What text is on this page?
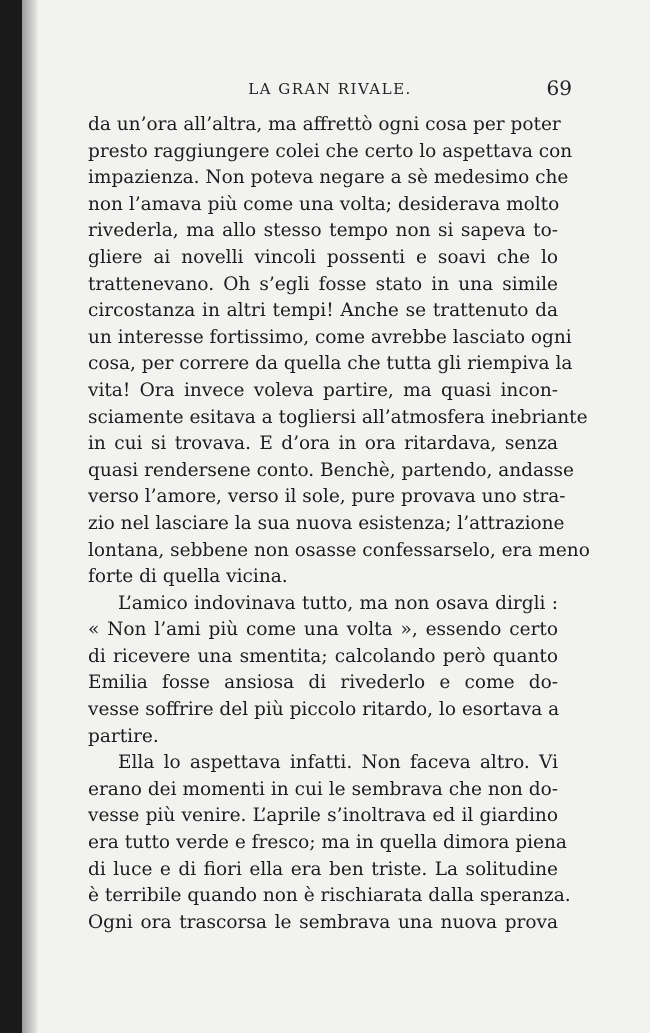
LA GRAN RIVALE.	69
da un’ora all’altra, ma affrettò ogni cosa per poter
presto raggiungere colei che certo lo aspettava con
impazienza. Non poteva negare a sè medesimo che
non l’amava più come una volta; desiderava molto
rivederla, ma allo stesso tempo non si sapeva to-
gliere ai novelli vincoli possenti e soavi che lo
trattenevano. Oh s’egli fosse stato in una simile
circostanza in altri tempi! Anche se trattenuto da
un interesse fortissimo, come avrebbe lasciato ogni
cosa, per correre da quella che tutta gli riempiva la
vita! Ora invece voleva partire, ma quasi incon-
sciamente esitava a togliersi all’atmosfera inebriante
in cui si trovava. E d’ora in ora ritardava, senza
quasi rendersene conto. Benchè, partendo, andasse
verso l’amore, verso il sole, pure provava uno stra-
zio nel lasciare la sua nuova esistenza; l’attrazione
lontana, sebbene non osasse confessarselo, era meno
forte di quella vicina.
L’amico indovinava tutto, ma non osava dirgli :
« Non l’ami più come una volta », essendo certo
di ricevere una smentita; calcolando però quanto
Emilia fosse ansiosa di rivederlo e come do-
vesse soffrire del più piccolo ritardo, lo esortava a
partire.
Ella lo aspettava infatti. Non faceva altro. Vi
erano dei momenti in cui le sembrava che non do-
vesse più venire. L’aprile s’inoltrava ed il giardino
era tutto verde e fresco; ma in quella dimora piena
di luce e di fiori ella era ben triste. La solitudine
è terribile quando non è rischiarata dalla speranza.
Ogni ora trascorsa le sembrava una nuova prova
